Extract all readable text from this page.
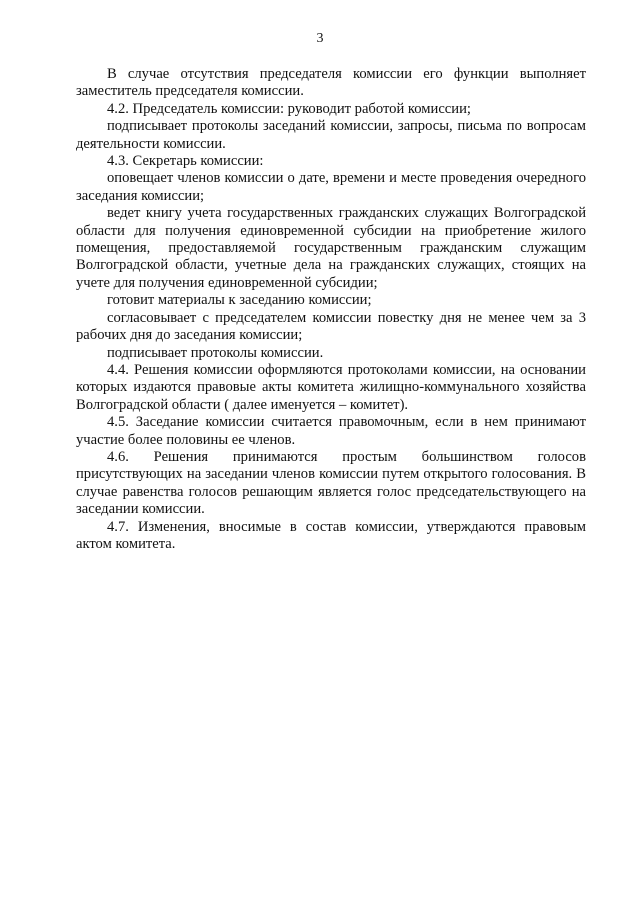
3

В случае отсутствия председателя комиссии его функции выполняет заместитель председателя комиссии.

4.2. Председатель комиссии: руководит работой комиссии;

подписывает протоколы заседаний комиссии, запросы, письма по вопросам деятельности комиссии.

4.3. Секретарь комиссии:

оповещает членов комиссии о дате, времени и месте проведения очередного заседания комиссии;

ведет книгу учета государственных гражданских служащих Волгоградской области для получения единовременной субсидии на приобретение жилого помещения, предоставляемой государственным гражданским служащим Волгоградской области, учетные дела на гражданских служащих, стоящих на учете для получения единовременной субсидии;

готовит материалы к заседанию комиссии;

согласовывает с председателем комиссии повестку дня не менее чем за 3 рабочих дня до заседания комиссии;

подписывает протоколы комиссии.

4.4. Решения комиссии оформляются протоколами комиссии, на основании которых издаются правовые акты комитета жилищно-коммунального хозяйства Волгоградской области ( далее именуется – комитет).

4.5. Заседание комиссии считается правомочным, если в нем принимают участие более половины ее членов.

4.6. Решения принимаются простым большинством голосов присутствующих на заседании членов комиссии путем открытого голосования. В случае равенства голосов решающим является голос председательствующего на заседании комиссии.

4.7. Изменения, вносимые в состав комиссии, утверждаются правовым актом комитета.
